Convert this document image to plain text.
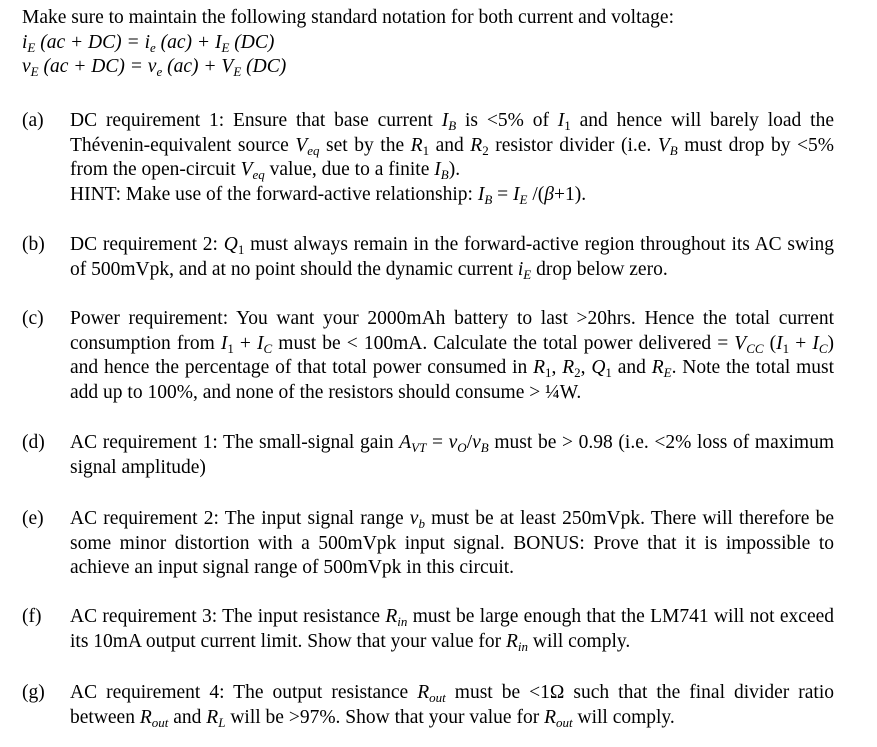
Make sure to maintain the following standard notation for both current and voltage:
$i_E$ $(ac + DC) = i_e$ $(ac) + I_E$ (DC)
$v_E$ $(ac + DC) = v_e$ $(ac) + V_E$ (DC)
(a)	DC requirement 1: Ensure that base current $I_B$ is <5% of $I_1$ and hence will barely load the Thévenin-equivalent source $V_{eq}$ set by the $R_1$ and $R_2$ resistor divider (i.e. $V_B$ must drop by <5% from the open-circuit $V_{eq}$ value, due to a finite $I_B$).
HINT: Make use of the forward-active relationship: $I_B = I_E$ /(β+1).
(b)	DC requirement 2: $Q_1$ must always remain in the forward-active region throughout its AC swing of 500mVpk, and at no point should the dynamic current $i_E$ drop below zero.
(c)	Power requirement: You want your 2000mAh battery to last >20hrs. Hence the total current consumption from $I_1 + I_C$ must be < 100mA. Calculate the total power delivered = $V_{CC}$ $(I_1 + I_C)$ and hence the percentage of that total power consumed in $R_1$, $R_2$, $Q_1$ and $R_E$. Note the total must add up to 100%, and none of the resistors should consume > ¼W.
(d)	AC requirement 1: The small-signal gain $A_{VT} = v_O/v_B$ must be > 0.98 (i.e. <2% loss of maximum signal amplitude)
(e)	AC requirement 2: The input signal range $v_b$ must be at least 250mVpk. There will therefore be some minor distortion with a 500mVpk input signal. BONUS: Prove that it is impossible to achieve an input signal range of 500mVpk in this circuit.
(f)	AC requirement 3: The input resistance $R_{in}$ must be large enough that the LM741 will not exceed its 10mA output current limit. Show that your value for $R_{in}$ will comply.
(g)	AC requirement 4: The output resistance $R_{out}$ must be <1Ω such that the final divider ratio between $R_{out}$ and $R_L$ will be >97%. Show that your value for $R_{out}$ will comply.
